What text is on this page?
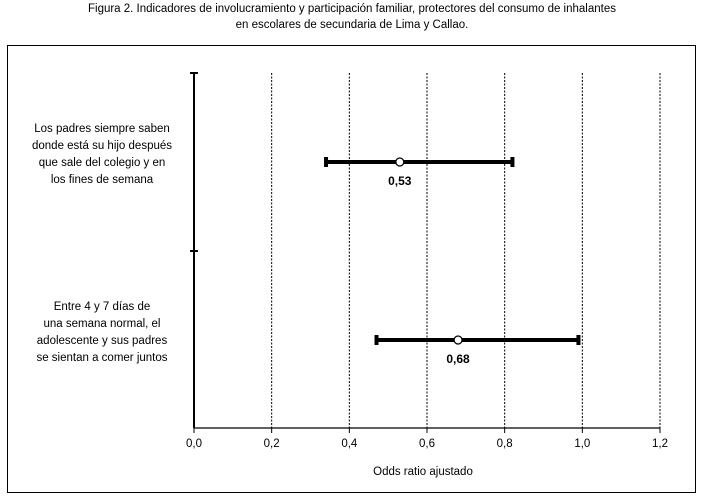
Figura 2. Indicadores de involucramiento y participación familiar, protectores del consumo de inhalantes
en escolares de secundaria de Lima y Callao.
Los padres siempre saben
donde está su hijo después
que sale del colegio y en
los fines de semana
Entre 4 y 7 días de
una semana normal, el
adolescente y sus padres
se sientan a comer juntos
0,0	0,2	0,4	0,6	0,8	1,0	1,2
Odds ratio ajustado
0,53
0,68
